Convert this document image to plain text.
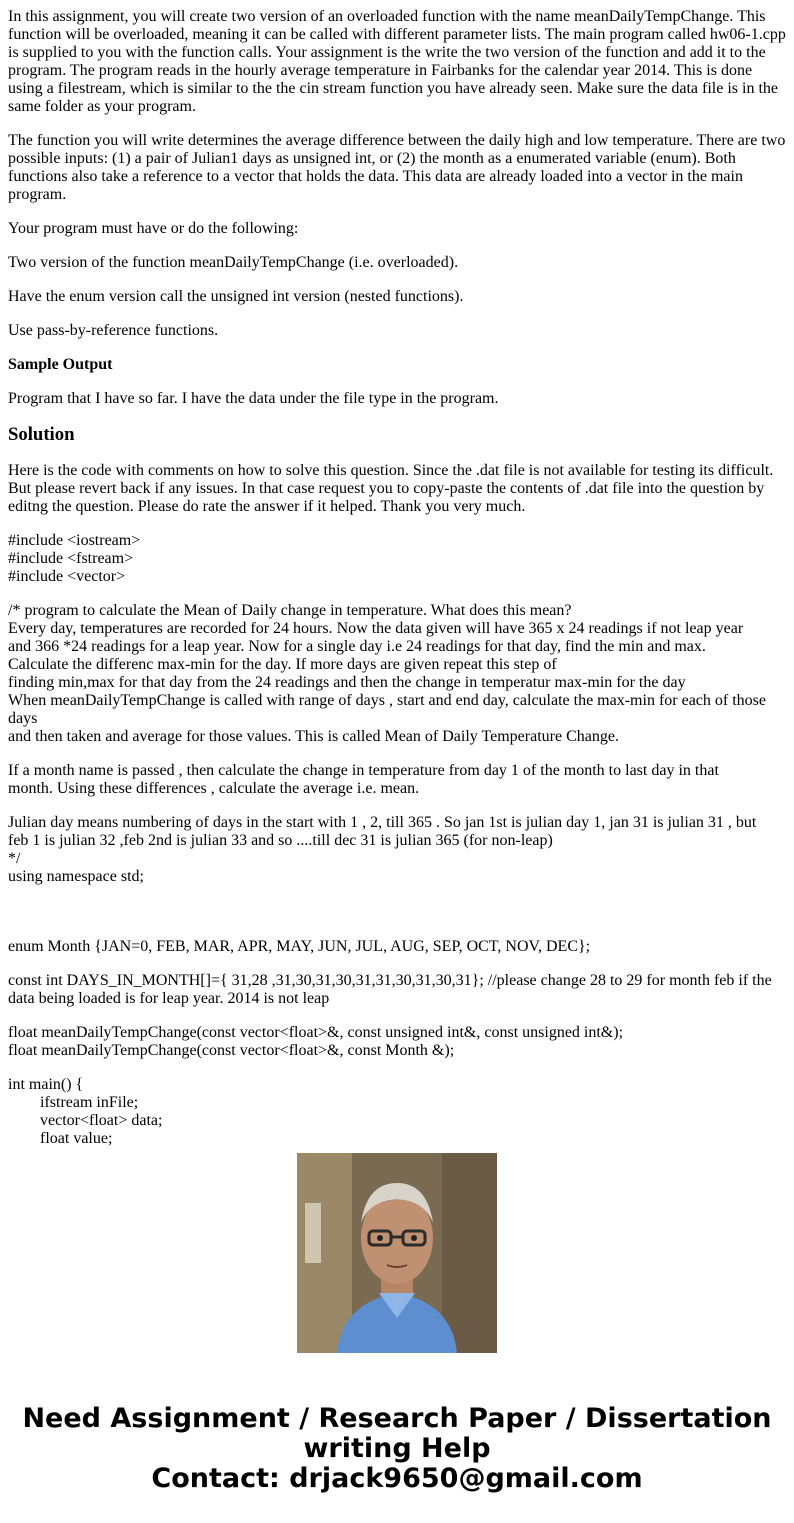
In this assignment, you will create two version of an overloaded function with the name meanDailyTempChange. This function will be overloaded, meaning it can be called with different parameter lists. The main program called hw06-1.cpp is supplied to you with the function calls. Your assignment is the write the two version of the function and add it to the program. The program reads in the hourly average temperature in Fairbanks for the calendar year 2014. This is done using a filestream, which is similar to the the cin stream function you have already seen. Make sure the data file is in the same folder as your program.

The function you will write determines the average difference between the daily high and low temperature. There are two possible inputs: (1) a pair of Julian1 days as unsigned int, or (2) the month as a enumerated variable (enum). Both functions also take a reference to a vector that holds the data. This data are already loaded into a vector in the main program.

Your program must have or do the following:

Two version of the function meanDailyTempChange (i.e. overloaded).

Have the enum version call the unsigned int version (nested functions).

Use pass-by-reference functions.

Sample Output

Program that I have so far. I have the data under the file type in the program.

Solution

Here is the code with comments on how to solve this question. Since the .dat file is not available for testing its difficult. But please revert back if any issues. In that case request you to copy-paste the contents of .dat file into the question by editng the question. Please do rate the answer if it helped. Thank you very much.

#include <iostream>
#include <fstream>
#include <vector>

/* program to calculate the Mean of Daily change in temperature. What does this mean?
Every day, temperatures are recorded for 24 hours. Now the data given will have 365 x 24 readings if not leap year
and 366 *24 readings for a leap year. Now for a single day i.e 24 readings for that day, find the min and max.
Calculate the differenc max-min for the day. If more days are given repeat this step of
finding min,max for that day from the 24 readings and then the change in temperatur max-min for the day
When meanDailyTempChange is called with range of days , start and end day, calculate the max-min for each of those days
and then taken and average for those values. This is called Mean of Daily Temperature Change.

If a month name is passed , then calculate the change in temperature from day 1 of the month to last day in that
month. Using these differences , calculate the average i.e. mean.

Julian day means numbering of days in the start with 1 , 2, till 365 . So jan 1st is julian day 1, jan 31 is julian 31 , but
feb 1 is julian 32 ,feb 2nd is julian 33 and so ....till dec 31 is julian 365 (for non-leap)
*/
using namespace std;

enum Month {JAN=0, FEB, MAR, APR, MAY, JUN, JUL, AUG, SEP, OCT, NOV, DEC};

const int DAYS_IN_MONTH[]={ 31,28 ,31,30,31,30,31,31,30,31,30,31}; //please change 28 to 29 for month feb if the data being loaded is for leap year. 2014 is not leap

float meanDailyTempChange(const vector<float>&, const unsigned int&, const unsigned int&);
float meanDailyTempChange(const vector<float>&, const Month &);

int main() {
ifstream inFile;
vector<float> data;
float value;

Need Assignment / Research Paper / Dissertation
writing Help
Contact: drjack9650@gmail.com
